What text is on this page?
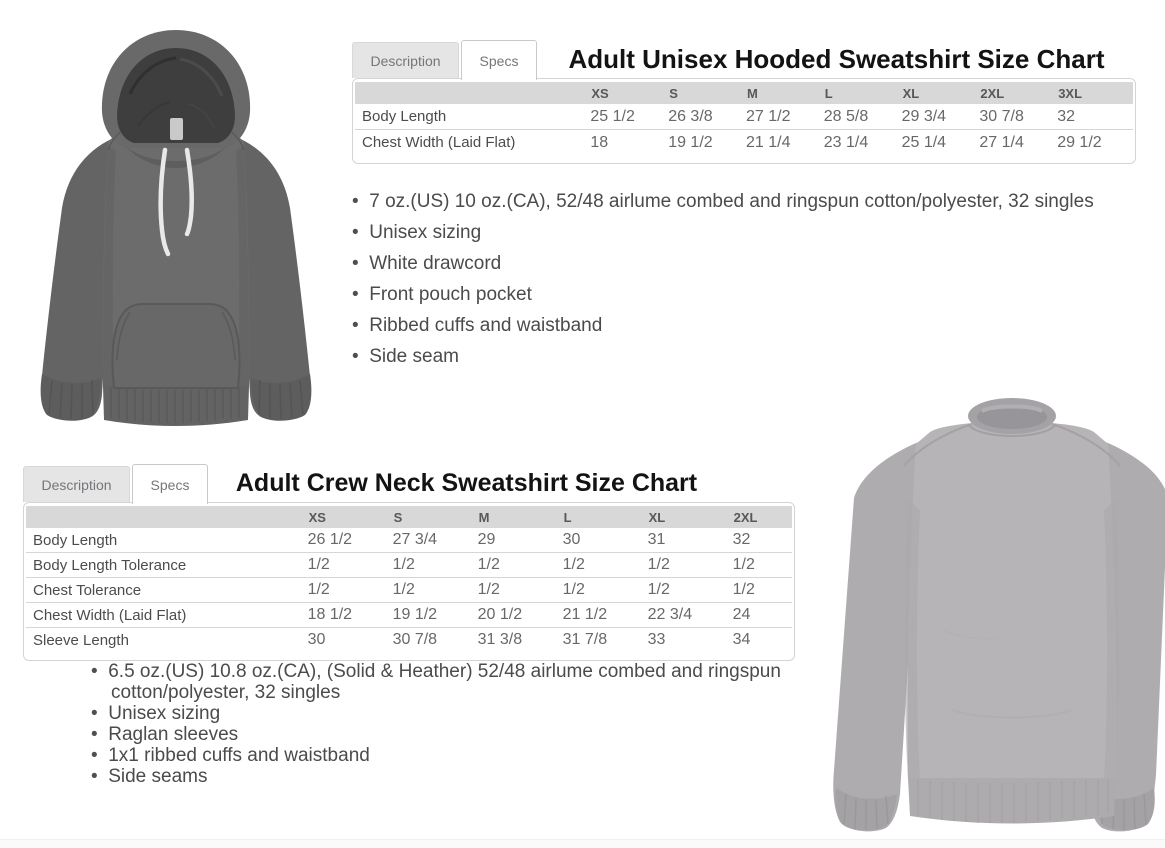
Description	Specs	Adult Unisex Hooded Sweatshirt Size Chart
XS	S	M	L	XL	2XL	3XL
Body Length	25 1/2	26 3/8	27 1/2	28 5/8	29 3/4	30 7/8	32
Chest Width (Laid Flat)	18	19 1/2	21 1/4	23 1/4	25 1/4	27 1/4	29 1/2
•  7 oz.(US) 10 oz.(CA), 52/48 airlume combed and ringspun cotton/polyester, 32 singles
•  Unisex sizing
•  White drawcord
•  Front pouch pocket
•  Ribbed cuffs and waistband
•  Side seam
Description	Specs	Adult Crew Neck Sweatshirt Size Chart
XS	S	M	L	XL	2XL
Body Length	26 1/2	27 3/4	29	30	31	32
Body Length Tolerance	1/2	1/2	1/2	1/2	1/2	1/2
Chest Tolerance	1/2	1/2	1/2	1/2	1/2	1/2
Chest Width (Laid Flat)	18 1/2	19 1/2	20 1/2	21 1/2	22 3/4	24
Sleeve Length	30	30 7/8	31 3/8	31 7/8	33	34
•  6.5 oz.(US) 10.8 oz.(CA), (Solid & Heather) 52/48 airlume combed and ringspun cotton/polyester, 32 singles
•  Unisex sizing
•  Raglan sleeves
•  1x1 ribbed cuffs and waistband
•  Side seams
